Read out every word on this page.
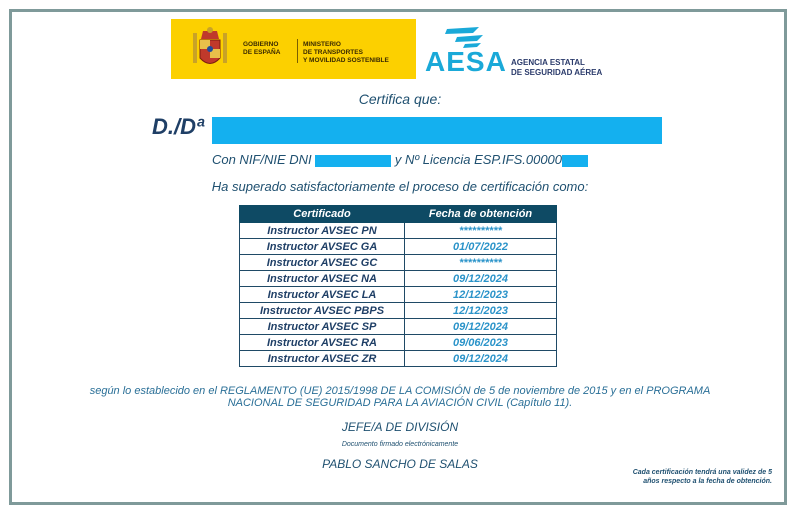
GOBIERNO
DE ESPAÑA
MINISTERIO
DE TRANSPORTES
Y MOVILIDAD SOSTENIBLE AESA AGENCIA ESTATAL
DE SEGURIDAD AÉREA
Certifica que:
D./Dª
Con NIF/NIE DNI	y Nº Licencia ESP.IFS.00000
Ha superado satisfactoriamente el proceso de certificación como:
Certificado	Fecha de obtención
Instructor AVSEC PN	**********
Instructor AVSEC GA	01/07/2022
Instructor AVSEC GC	**********
Instructor AVSEC NA	09/12/2024
Instructor AVSEC LA	12/12/2023
Instructor AVSEC PBPS	12/12/2023
Instructor AVSEC SP	09/12/2024
Instructor AVSEC RA	09/06/2023
Instructor AVSEC ZR	09/12/2024
según lo establecido en el REGLAMENTO (UE) 2015/1998 DE LA COMISIÓN de 5 de noviembre de 2015 y en el PROGRAMA
NACIONAL DE SEGURIDAD PARA LA AVIACIÓN CIVIL (Capítulo 11).
JEFE/A DE DIVISIÓN
Documento firmado electrónicamente
PABLO SANCHO DE SALAS
Cada certificación tendrá una validez de 5 años respecto a la fecha de obtención.
